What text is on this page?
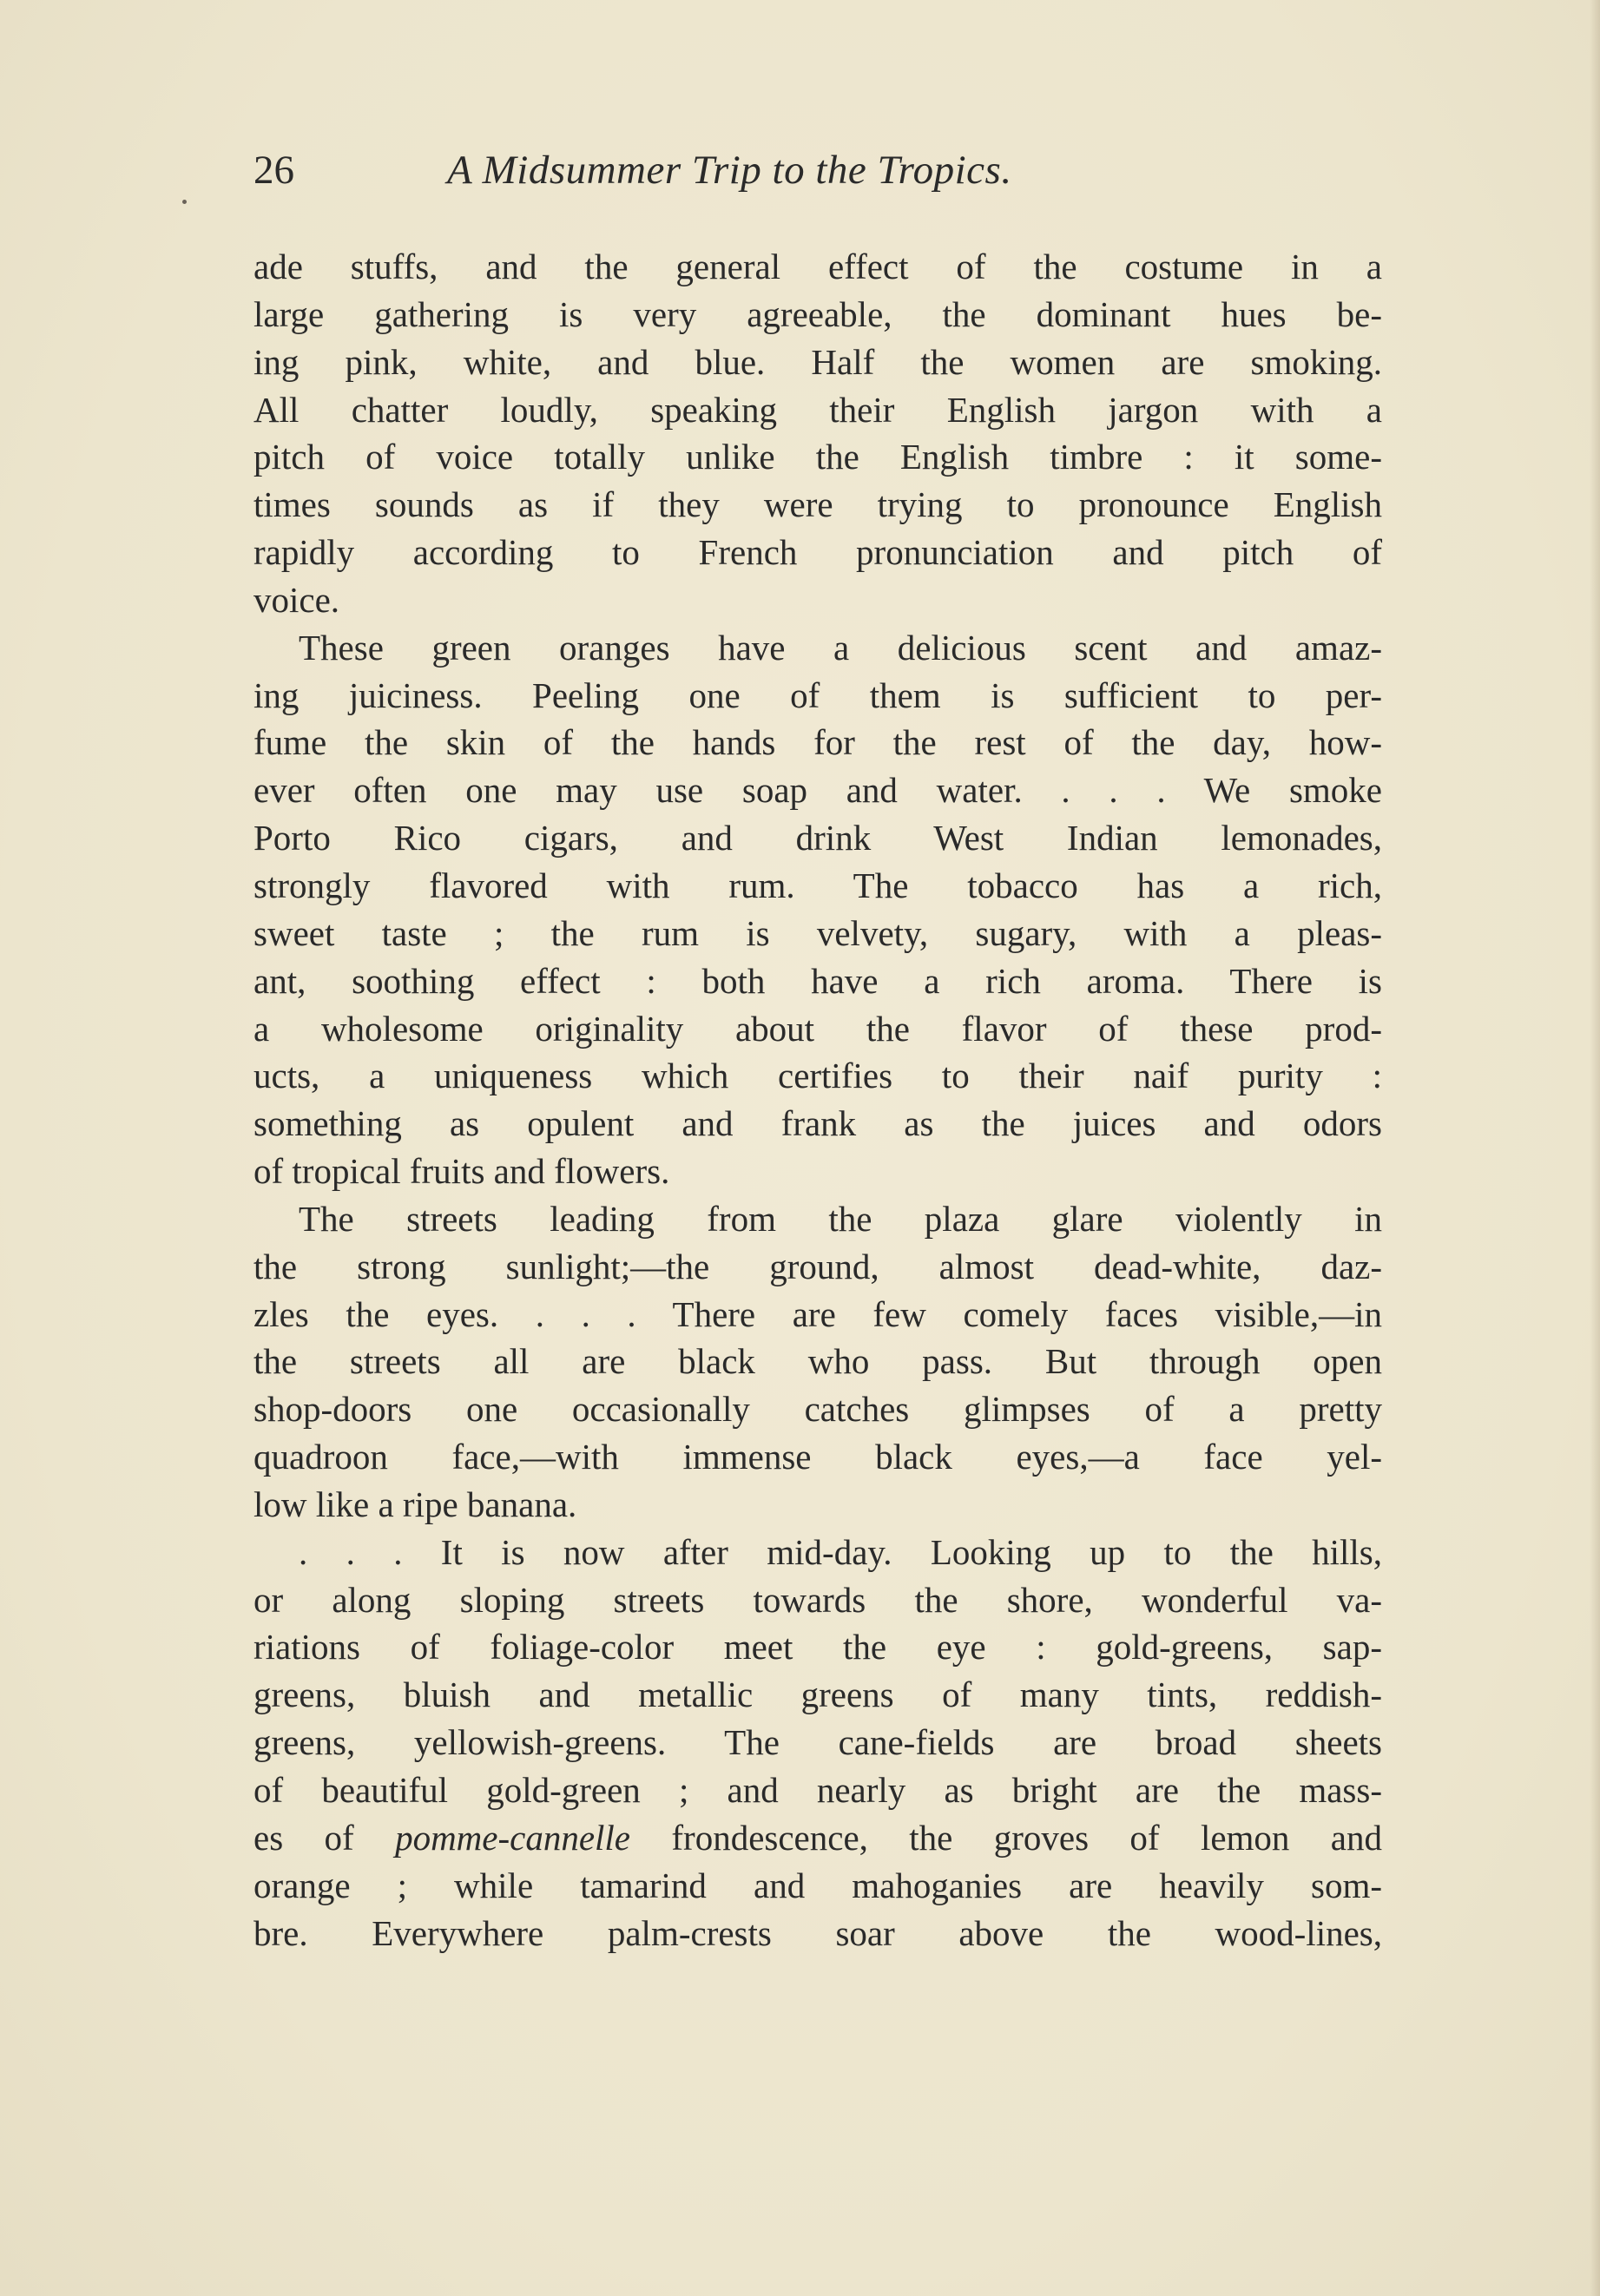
26	A Midsummer Trip to the Tropics.
ade stuffs, and the general effect of the costume in a
large gathering is very agreeable, the dominant hues be-
ing pink, white, and blue. Half the women are smoking.
All chatter loudly, speaking their English jargon with a
pitch of voice totally unlike the English timbre : it some-
times sounds as if they were trying to pronounce English
rapidly according to French pronunciation and pitch of
voice.
These green oranges have a delicious scent and amaz-
ing juiciness. Peeling one of them is sufficient to per-
fume the skin of the hands for the rest of the day, how-
ever often one may use soap and water. . . . We smoke
Porto Rico cigars, and drink West Indian lemonades,
strongly flavored with rum. The tobacco has a rich,
sweet taste ; the rum is velvety, sugary, with a pleas-
ant, soothing effect : both have a rich aroma. There is
a wholesome originality about the flavor of these prod-
ucts, a uniqueness which certifies to their naif purity :
something as opulent and frank as the juices and odors
of tropical fruits and flowers.
The streets leading from the plaza glare violently in
the strong sunlight;—the ground, almost dead-white, daz-
zles the eyes. . . . There are few comely faces visible,—in
the streets all are black who pass. But through open
shop-doors one occasionally catches glimpses of a pretty
quadroon face,—with immense black eyes,—a face yel-
low like a ripe banana.
. . . It is now after mid-day. Looking up to the hills,
or along sloping streets towards the shore, wonderful va-
riations of foliage-color meet the eye : gold-greens, sap-
greens, bluish and metallic greens of many tints, reddish-
greens, yellowish-greens. The cane-fields are broad sheets
of beautiful gold-green ; and nearly as bright are the mass-
es of pomme-cannelle frondescence, the groves of lemon and
orange ; while tamarind and mahoganies are heavily som-
bre. Everywhere palm-crests soar above the wood-lines,
